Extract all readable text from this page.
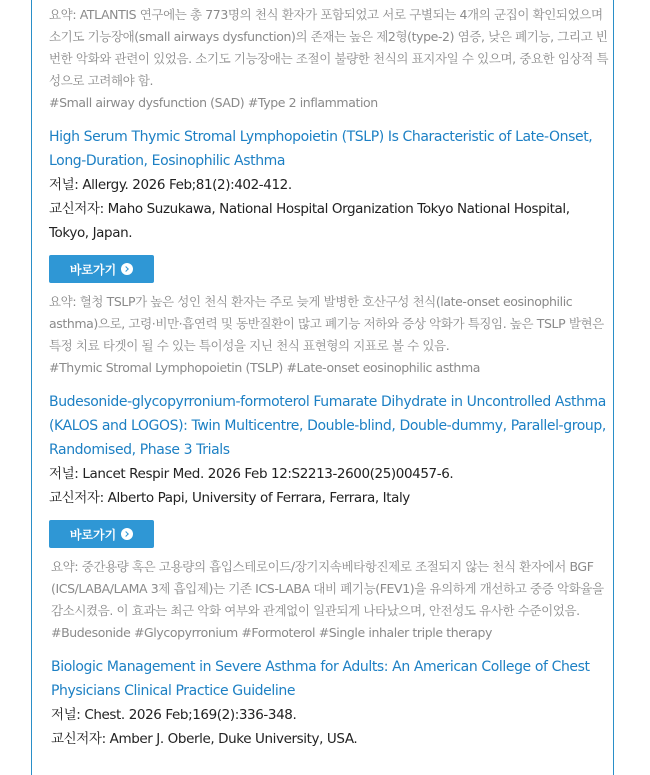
요약: ATLANTIS 연구에는 총 773명의 천식 환자가 포함되었고 서로 구별되는 4개의 군집이 확인되었으며 소기도 기능장애(small airways dysfunction)의 존재는 높은 제2형(type-2) 염증, 낮은 폐기능, 그리고 빈번한 악화와 관련이 있었음. 소기도 기능장애는 조절이 불량한 천식의 표지자일 수 있으며, 중요한 임상적 특성으로 고려해야 함.

#Small airway dysfunction (SAD) #Type 2 inflammation

High Serum Thymic Stromal Lymphopoietin (TSLP) Is Characteristic of Late-Onset, Long-Duration, Eosinophilic Asthma

저널: Allergy. 2026 Feb;81(2):402-412.

교신저자: Maho Suzukawa, National Hospital Organization Tokyo National Hospital, Tokyo, Japan.

바로가기

요약: 혈청 TSLP가 높은 성인 천식 환자는 주로 늦게 발병한 호산구성 천식(late-onset eosinophilic asthma)으로, 고령·비만·흡연력 및 동반질환이 많고 폐기능 저하와 증상 악화가 특징임. 높은 TSLP 발현은 특정 치료 타겟이 될 수 있는 특이성을 지닌 천식 표현형의 지표로 볼 수 있음.

#Thymic Stromal Lymphopoietin (TSLP) #Late-onset eosinophilic asthma

Budesonide-glycopyrronium-formoterol Fumarate Dihydrate in Uncontrolled Asthma (KALOS and LOGOS): Twin Multicentre, Double-blind, Double-dummy, Parallel-group, Randomised, Phase 3 Trials

저널: Lancet Respir Med. 2026 Feb 12:S2213-2600(25)00457-6.

교신저자: Alberto Papi, University of Ferrara, Ferrara, Italy

바로가기

요약: 중간용량 혹은 고용량의 흡입스테로이드/장기지속베타항진제로 조절되지 않는 천식 환자에서 BGF (ICS/LABA/LAMA 3제 흡입제)는 기존 ICS-LABA 대비 폐기능(FEV1)을 유의하게 개선하고 중증 악화율을 감소시켰음. 이 효과는 최근 악화 여부와 관계없이 일관되게 나타났으며, 안전성도 유사한 수준이었음.

#Budesonide #Glycopyrronium #Formoterol #Single inhaler triple therapy

Biologic Management in Severe Asthma for Adults: An American College of Chest Physicians Clinical Practice Guideline

저널: Chest. 2026 Feb;169(2):336-348.

교신저자: Amber J. Oberle, Duke University, USA.
